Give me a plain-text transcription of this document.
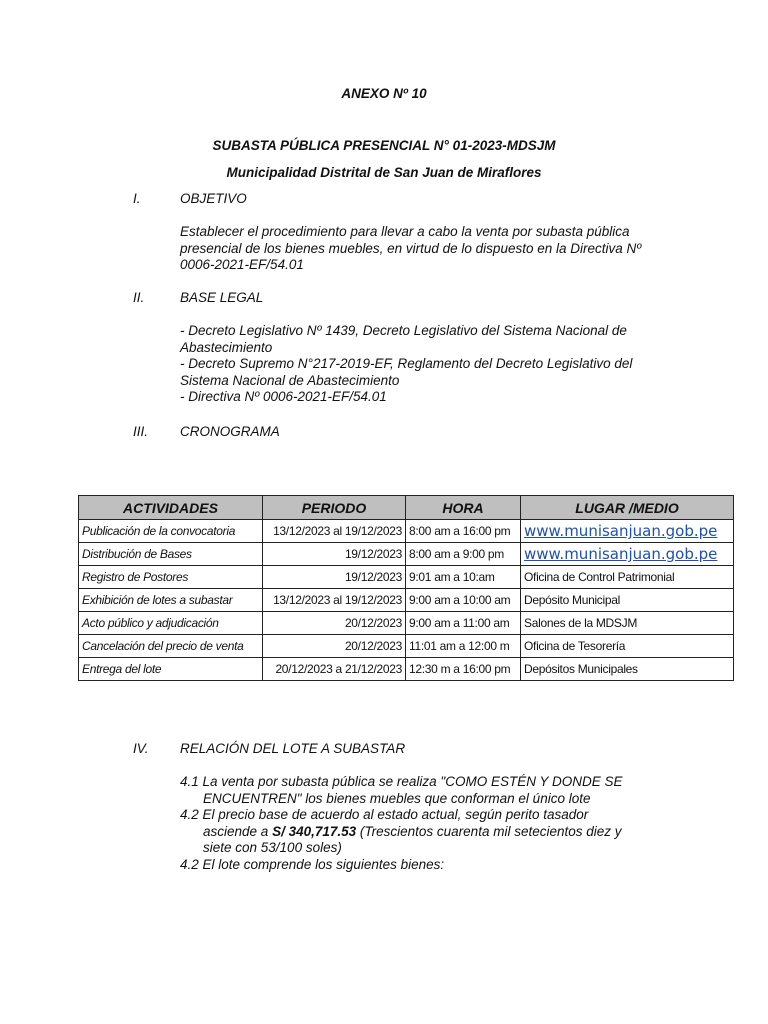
ANEXO Nº 10
SUBASTA PÚBLICA PRESENCIAL N° 01-2023-MDSJM
Municipalidad Distrital de San Juan de Miraflores
I.	OBJETIVO
Establecer el procedimiento para llevar a cabo la venta por subasta pública
presencial de los bienes muebles, en virtud de lo dispuesto en la Directiva Nº
0006-2021-EF/54.01
II.	BASE LEGAL
- Decreto Legislativo Nº 1439, Decreto Legislativo del Sistema Nacional de
Abastecimiento
- Decreto Supremo N°217-2019-EF, Reglamento del Decreto Legislativo del
Sistema Nacional de Abastecimiento
- Directiva Nº 0006-2021-EF/54.01
III. CRONOGRAMA
ACTIVIDADES	PERIODO	HORA	LUGAR /MEDIO
Publicación de la convocatoria	13/12/2023 al 19/12/2023	8:00 am a 16:00 pm	www.munisanjuan.gob.pe
Distribución de Bases	19/12/2023	8:00 am a 9:00 pm	www.munisanjuan.gob.pe
Registro de Postores	19/12/2023	9:01 am a 10:am	Oficina de Control Patrimonial
Exhibición de lotes a subastar	13/12/2023 al 19/12/2023	9:00 am a 10:00 am	Depósito Municipal
Acto público y adjudicación	20/12/2023	9:00 am a 11:00 am	Salones de la MDSJM
Cancelación del precio de venta	20/12/2023	11:01 am a 12:00 m	Oficina de Tesorería
Entrega del lote	20/12/2023 a 21/12/2023	12:30 m a 16:00 pm	Depósitos Municipales
IV. RELACIÓN DEL LOTE A SUBASTAR
4.1 La venta por subasta pública se realiza "COMO ESTÉN Y DONDE SE
ENCUENTREN" los bienes muebles que conforman el único lote
4.2 El precio base de acuerdo al estado actual, según perito tasador
asciende a S/ 340,717.53 (Trescientos cuarenta mil setecientos diez y
siete con 53/100 soles)
4.2 El lote comprende los siguientes bienes:
